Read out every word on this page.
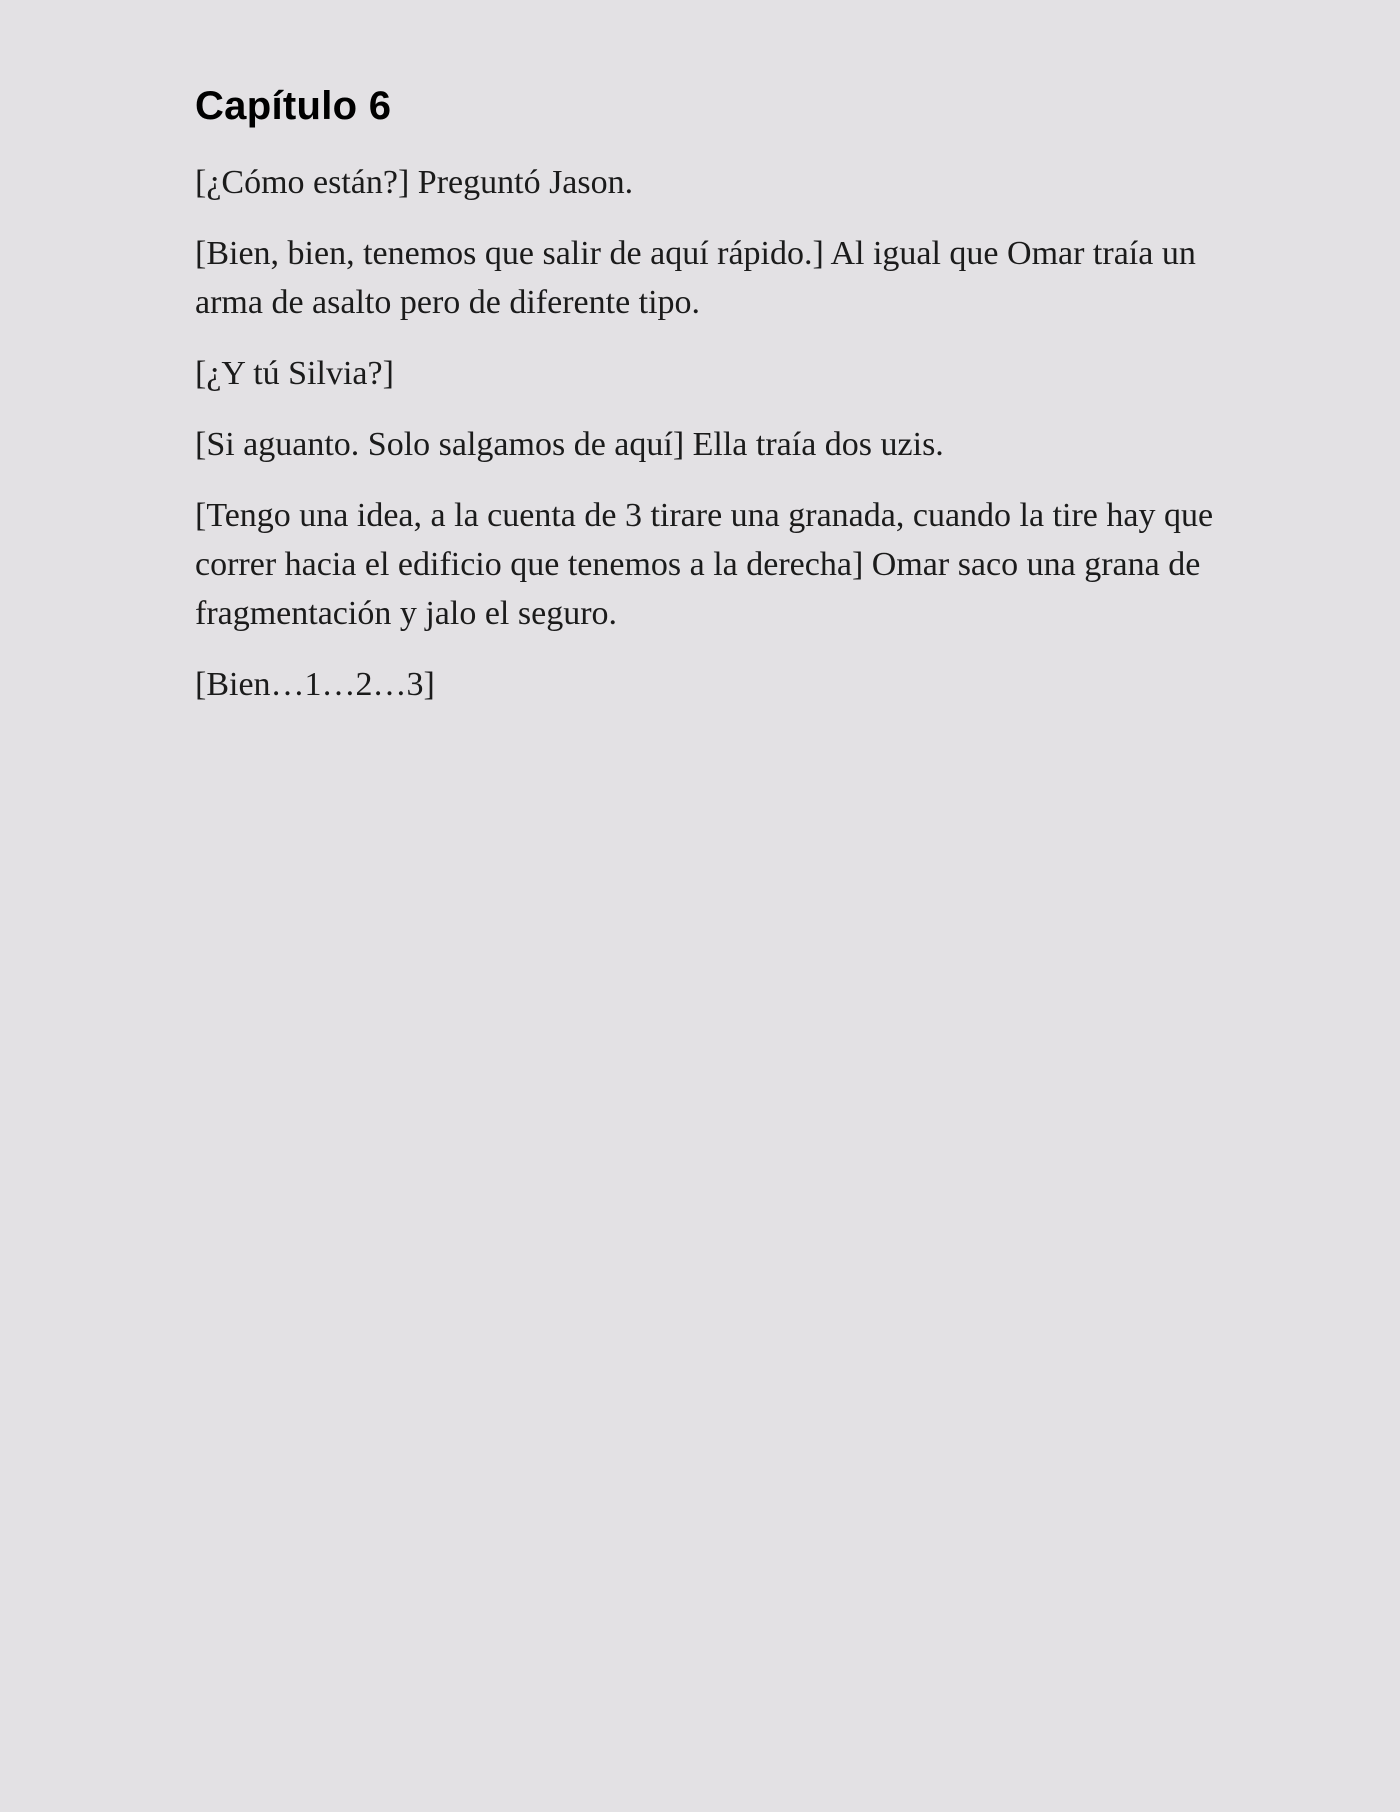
Capítulo 6

[¿Cómo están?] Preguntó Jason.

[Bien, bien, tenemos que salir de aquí rápido.] Al igual que Omar traía un arma de asalto pero de diferente tipo.

[¿Y tú Silvia?]

[Si aguanto. Solo salgamos de aquí] Ella traía dos uzis.

[Tengo una idea, a la cuenta de 3 tirare una granada, cuando la tire hay que correr hacia el edificio que tenemos a la derecha] Omar saco una grana de fragmentación y jalo el seguro.

[Bien…1…2…3]
